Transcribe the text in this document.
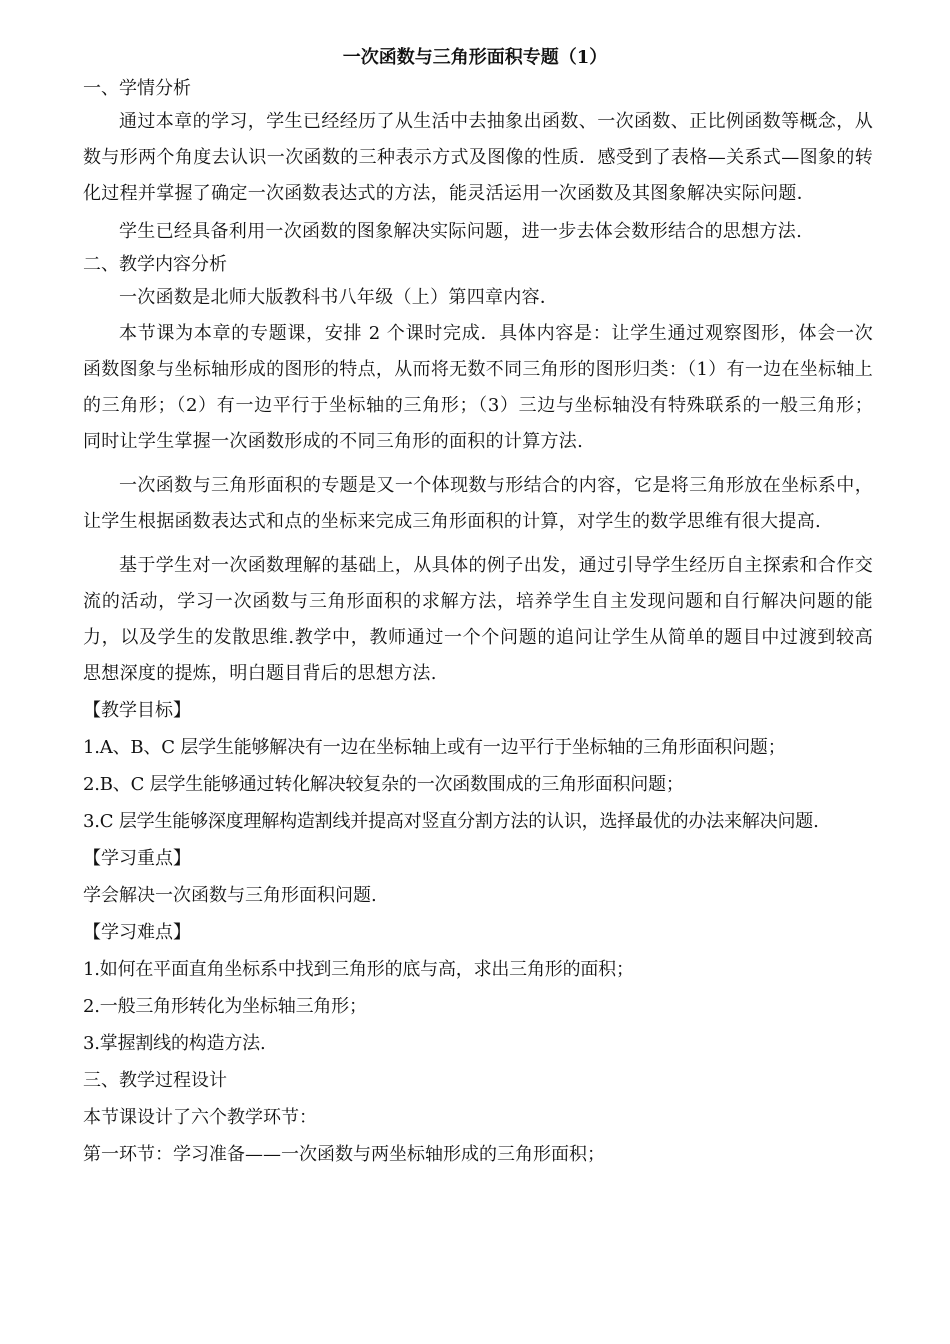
一次函数与三角形面积专题（1）

一、学情分析

通过本章的学习，学生已经经历了从生活中去抽象出函数、一次函数、正比例函数等概念，从数与形两个角度去认识一次函数的三种表示方式及图像的性质．感受到了表格—关系式—图象的转化过程并掌握了确定一次函数表达式的方法，能灵活运用一次函数及其图象解决实际问题．

学生已经具备利用一次函数的图象解决实际问题，进一步去体会数形结合的思想方法.

二、教学内容分析

一次函数是北师大版教科书八年级（上）第四章内容．

本节课为本章的专题课，安排 2 个课时完成．具体内容是：让学生通过观察图形，体会一次函数图象与坐标轴形成的图形的特点，从而将无数不同三角形的图形归类：（1）有一边在坐标轴上的三角形；（2）有一边平行于坐标轴的三角形；（3）三边与坐标轴没有特殊联系的一般三角形；同时让学生掌握一次函数形成的不同三角形的面积的计算方法.

一次函数与三角形面积的专题是又一个体现数与形结合的内容，它是将三角形放在坐标系中，让学生根据函数表达式和点的坐标来完成三角形面积的计算，对学生的数学思维有很大提高.

基于学生对一次函数理解的基础上，从具体的例子出发，通过引导学生经历自主探索和合作交流的活动，学习一次函数与三角形面积的求解方法，培养学生自主发现问题和自行解决问题的能力，以及学生的发散思维.教学中，教师通过一个个问题的追问让学生从简单的题目中过渡到较高思想深度的提炼，明白题目背后的思想方法.

【教学目标】

1.A、B、C 层学生能够解决有一边在坐标轴上或有一边平行于坐标轴的三角形面积问题；

2.B、C 层学生能够通过转化解决较复杂的一次函数围成的三角形面积问题；

3.C 层学生能够深度理解构造割线并提高对竖直分割方法的认识，选择最优的办法来解决问题.

【学习重点】

学会解决一次函数与三角形面积问题.

【学习难点】

1.如何在平面直角坐标系中找到三角形的底与高，求出三角形的面积；

2.一般三角形转化为坐标轴三角形；

3.掌握割线的构造方法.

三、教学过程设计

本节课设计了六个教学环节：

第一环节：学习准备——一次函数与两坐标轴形成的三角形面积；
